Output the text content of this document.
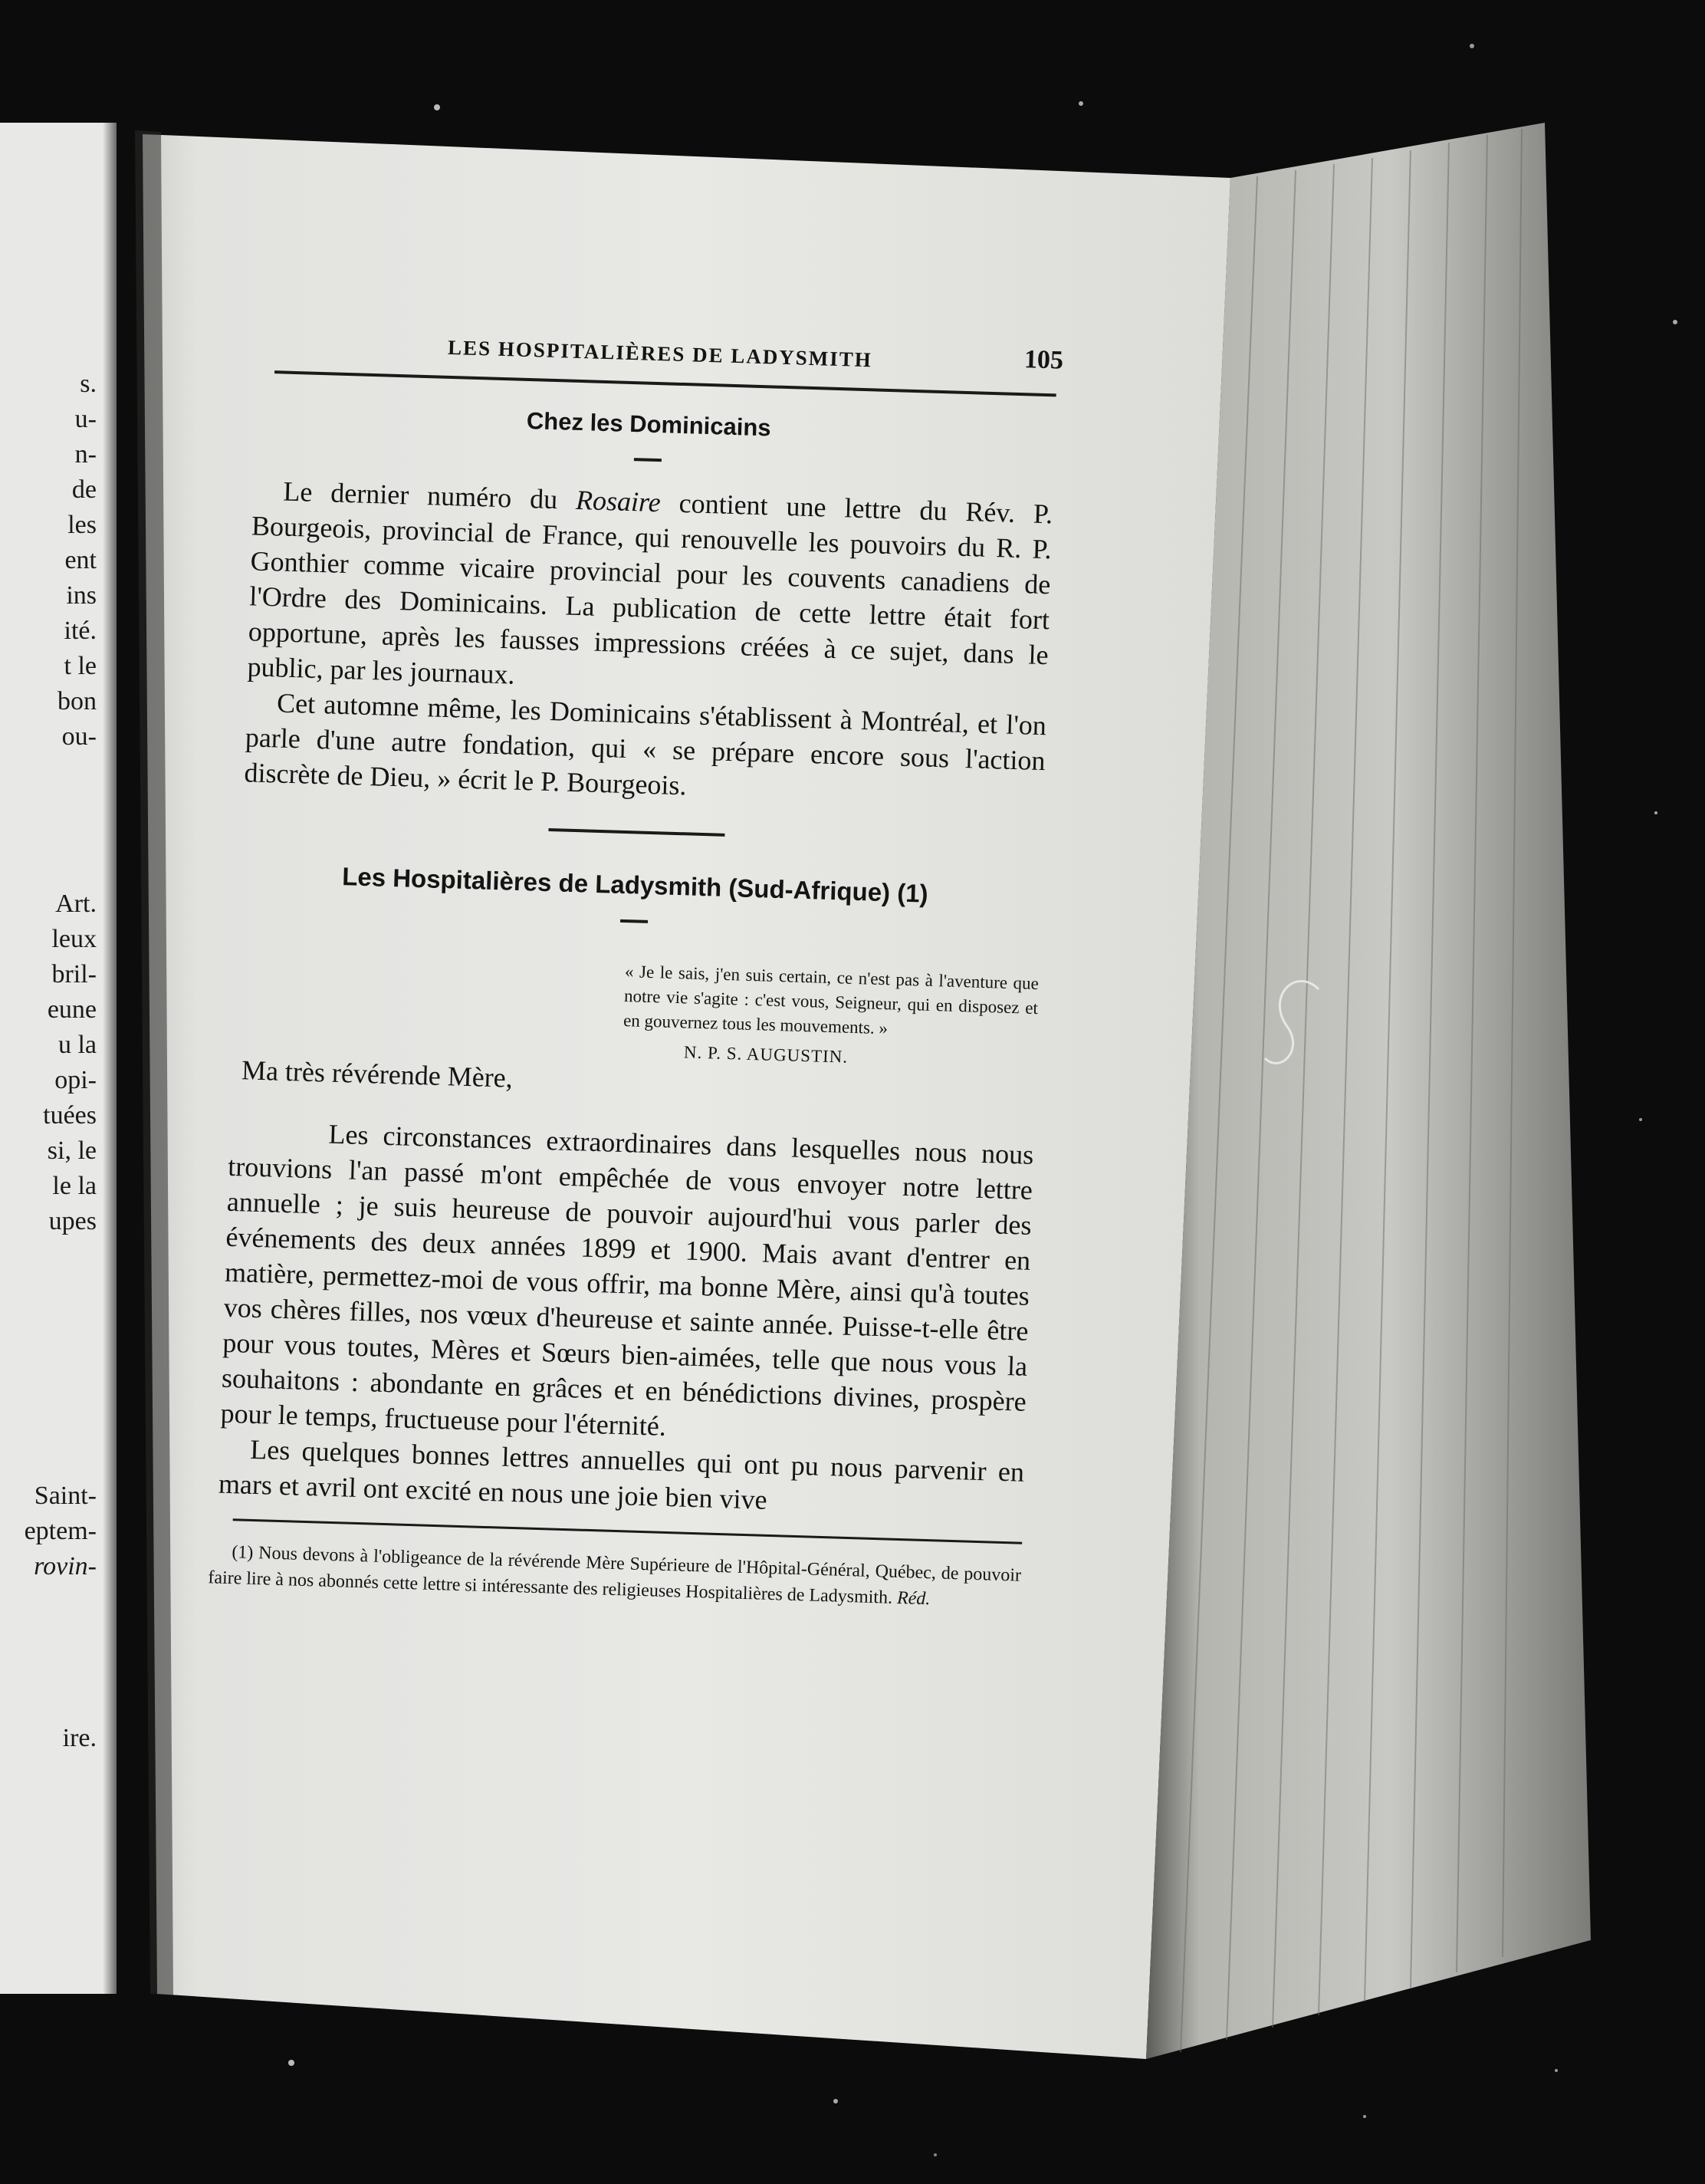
s.
u-
n-
de
les
ent
ins
ité.
t le
bon
ou-
Art.
leux
bril-
eune
u la
opi-
tuées
si, le
le la
upes
Saint-
eptem-
rovin-
ire.
LES HOSPITALIÈRES DE LADYSMITH	105
Chez les Dominicains

Le dernier numéro du Rosaire contient une lettre du Rév. P. Bourgeois, provincial de France, qui renouvelle les pouvoirs du R. P. Gonthier comme vicaire provincial pour les couvents canadiens de l'Ordre des Dominicains. La publication de cette lettre était fort opportune, après les fausses impressions créées à ce sujet, dans le public, par les journaux.

Cet automne même, les Dominicains s'établissent à Montréal, et l'on parle d'une autre fondation, qui « se prépare encore sous l'action discrète de Dieu, » écrit le P. Bourgeois.

Les Hospitalières de Ladysmith (Sud-Afrique) (1)
« Je le sais, j'en suis certain, ce n'est pas à l'aventure que notre vie s'agite : c'est vous, Seigneur, qui en disposez et en gouvernez tous les mouvements. »
N. P. S. AUGUSTIN.
Ma très révérende Mère,

Les circonstances extraordinaires dans lesquelles nous nous trouvions l'an passé m'ont empêchée de vous envoyer notre lettre annuelle ; je suis heureuse de pouvoir aujourd'hui vous parler des événements des deux années 1899 et 1900. Mais avant d'entrer en matière, permettez-moi de vous offrir, ma bonne Mère, ainsi qu'à toutes vos chères filles, nos vœux d'heureuse et sainte année. Puisse-t-elle être pour vous toutes, Mères et Sœurs bien-aimées, telle que nous vous la souhaitons : abondante en grâces et en bénédictions divines, prospère pour le temps, fructueuse pour l'éternité.

Les quelques bonnes lettres annuelles qui ont pu nous parvenir en mars et avril ont excité en nous une joie bien vive

(1) Nous devons à l'obligeance de la révérende Mère Supérieure de l'Hôpital-Général, Québec, de pouvoir faire lire à nos abonnés cette lettre si intéressante des religieuses Hospitalières de Ladysmith. Réd.
